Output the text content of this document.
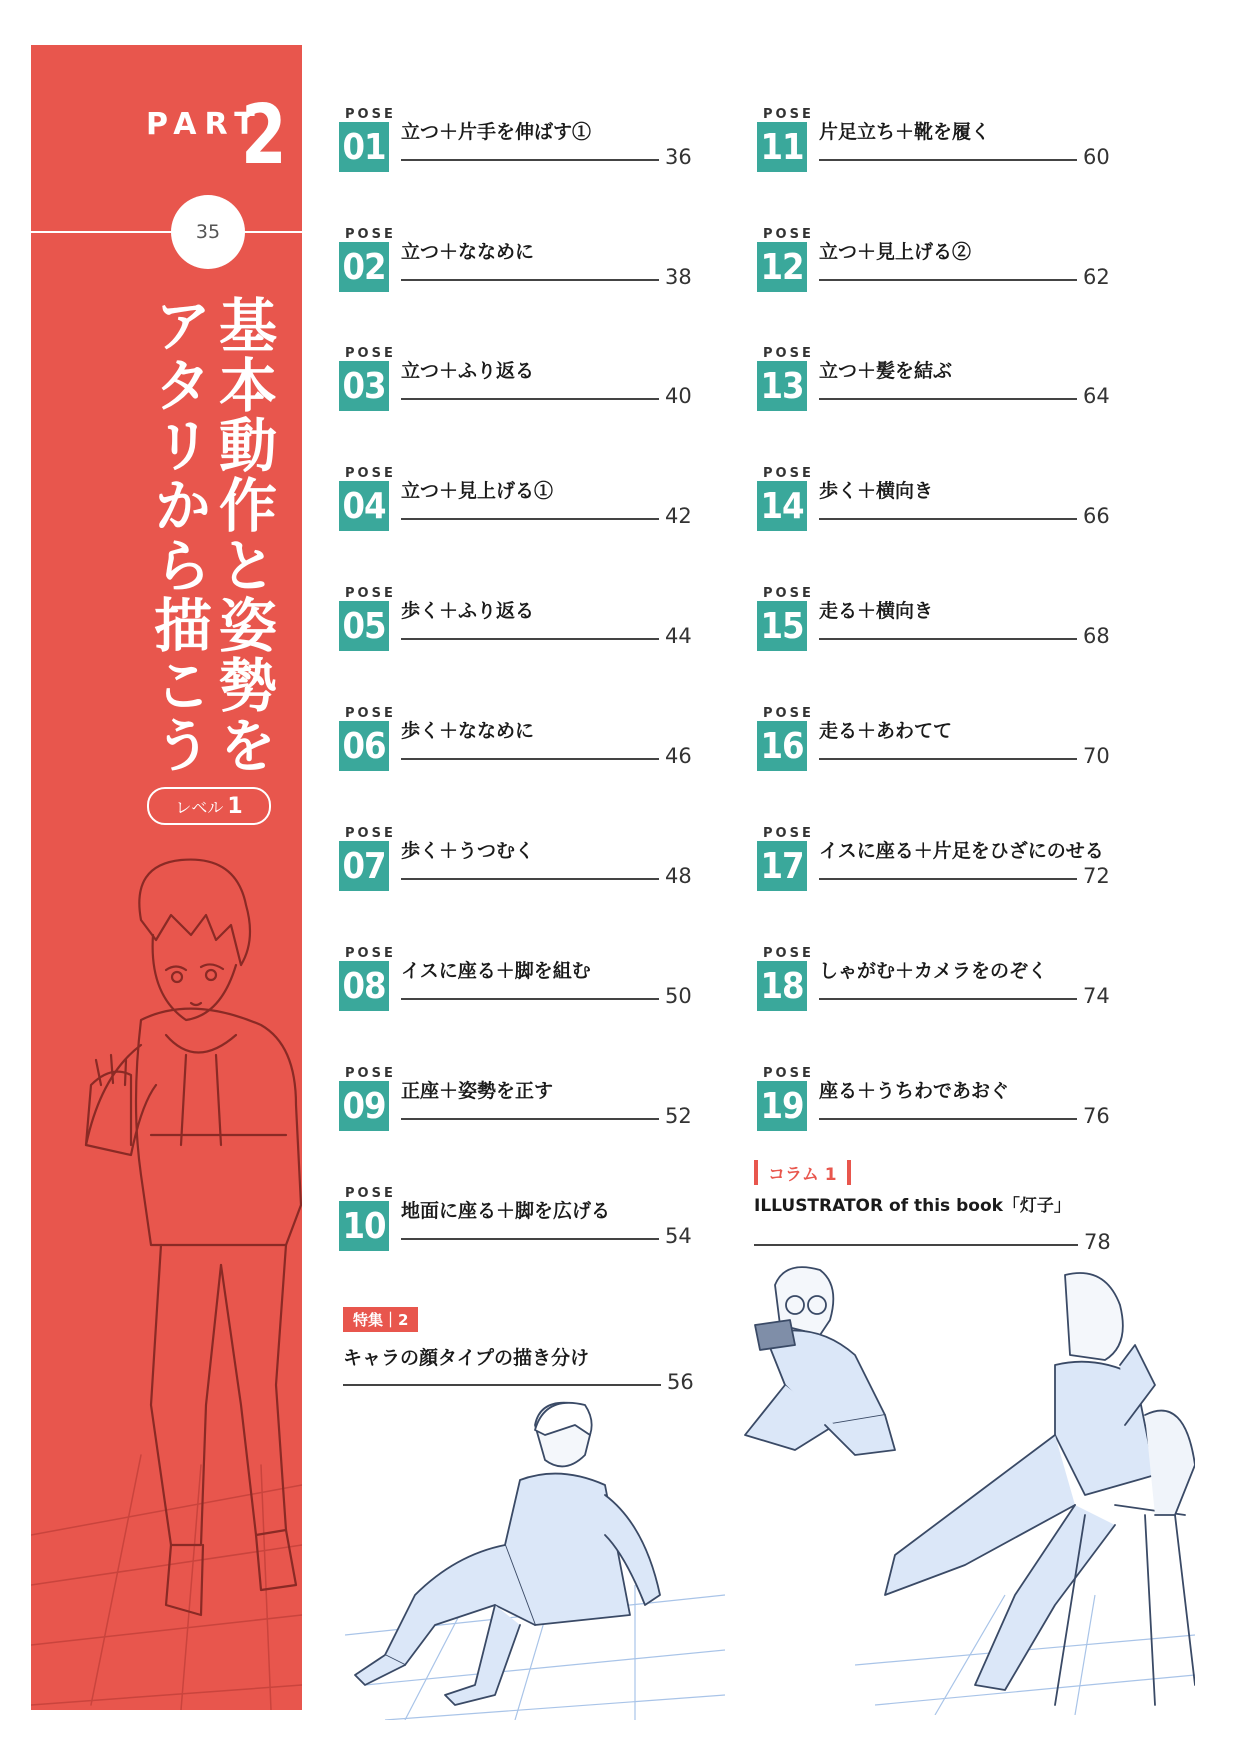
PART
2
35
基本動作と姿勢を
アタリから描こう
レベル 1
POSE
01 立つ＋片手を伸ばす①
36
POSE
02 立つ＋ななめに
38
POSE
03 立つ＋ふり返る
40
POSE
04 立つ＋見上げる①
42
POSE
05 歩く＋ふり返る
44
POSE
06 歩く＋ななめに
46
POSE
07 歩く＋うつむく
48
POSE
08 イスに座る＋脚を組む
50
POSE
09 正座＋姿勢を正す
52
POSE
10 地面に座る＋脚を広げる
54
POSE
11 片足立ち＋靴を履く
60
POSE
12 立つ＋見上げる②
62
POSE
13 立つ＋髪を結ぶ
64
POSE
14 歩く＋横向き
66
POSE
15 走る＋横向き
68
POSE
16 走る＋あわてて
70
POSE
17 イスに座る＋片足をひざにのせる
72
POSE
18 しゃがむ＋カメラをのぞく
74
POSE
19 座る＋うちわであおぐ
76
特集｜2
キャラの顔タイプの描き分け
56
コラム 1
ILLUSTRATOR of this book「灯子」
78
